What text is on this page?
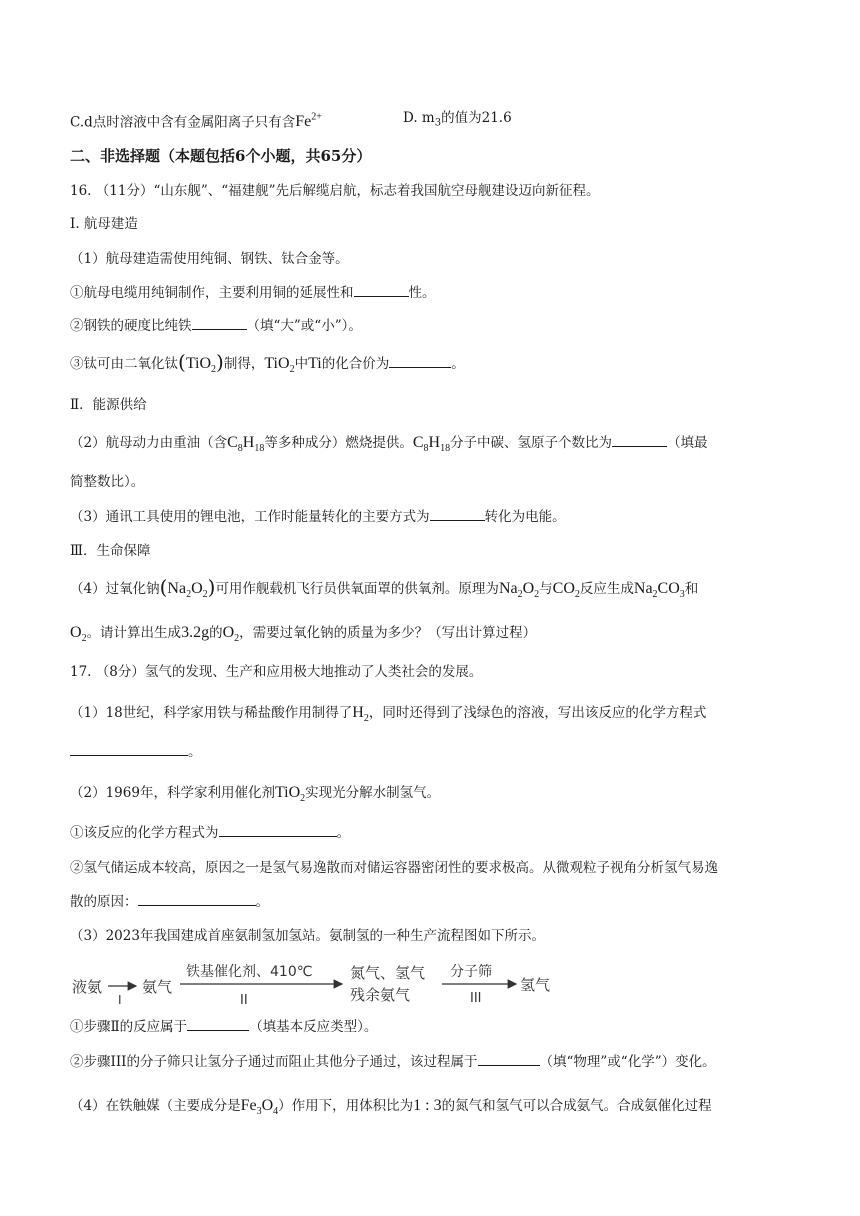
C.d点时溶液中含有金属阳离子只有含$Fe^{2+}$	D. $m_3$的值为21.6
二、非选择题（本题包括6个小题，共65分）
16. （11分）“山东舰”、“福建舰”先后解缆启航，标志着我国航空母舰建设迈向新征程。
I. 航母建造
（1）航母建造需使用纯铜、钢铁、钛合金等。
①航母电缆用纯铜制作，主要利用铜的延展性和	性。
②钢铁的硬度比纯铁	（填“大”或“小”）。
③钛可由二氧化钛(TiO$_2$)制得，TiO$_2$中Ti的化合价为	。
Ⅱ．能源供给
（2）航母动力由重油（含$C_8H_{18}$等多种成分）燃烧提供。$C_8H_{18}$分子中碳、氢原子个数比为	（填最
简整数比）。
（3）通讯工具使用的锂电池，工作时能量转化的主要方式为	转化为电能。
Ⅲ．生命保障
（4）过氧化钠$(Na_2O_2)$可用作舰载机飞行员供氧面罩的供氧剂。原理为$Na_2O_2$与$CO_2$反应生成$Na_2CO_3$和
$O_2$。请计算出生成3.2g的$O_2$，需要过氧化钠的质量为多少？（写出计算过程）
17. （8分）氢气的发现、生产和应用极大地推动了人类社会的发展。
（1）18世纪，科学家用铁与稀盐酸作用制得了$H_2$，同时还得到了浅绿色的溶液，写出该反应的化学方程式
。
（2）1969年，科学家利用催化剂TiO$_2$实现光分解水制氢气。
①该反应的化学方程式为	。
②氢气储运成本较高，原因之一是氢气易逸散而对储运容器密闭性的要求极高。从微观粒子视角分析氢气易逸
散的原因：	。
（3）2023年我国建成首座氨制氢加氢站。氨制氢的一种生产流程图如下所示。
液氨
I
氨气
铁基催化剂、410℃
II
氮气、氢气
残余氨气
分子筛
III
氢气
①步骤Ⅱ的反应属于	（填基本反应类型）。
②步骤III的分子筛只让氢分子通过而阻止其他分子通过，该过程属于	（填“物理”或“化学”）变化。
（4）在铁触媒（主要成分是$Fe_3O_4$）作用下，用体积比为1 : 3的氮气和氢气可以合成氨气。合成氨催化过程
